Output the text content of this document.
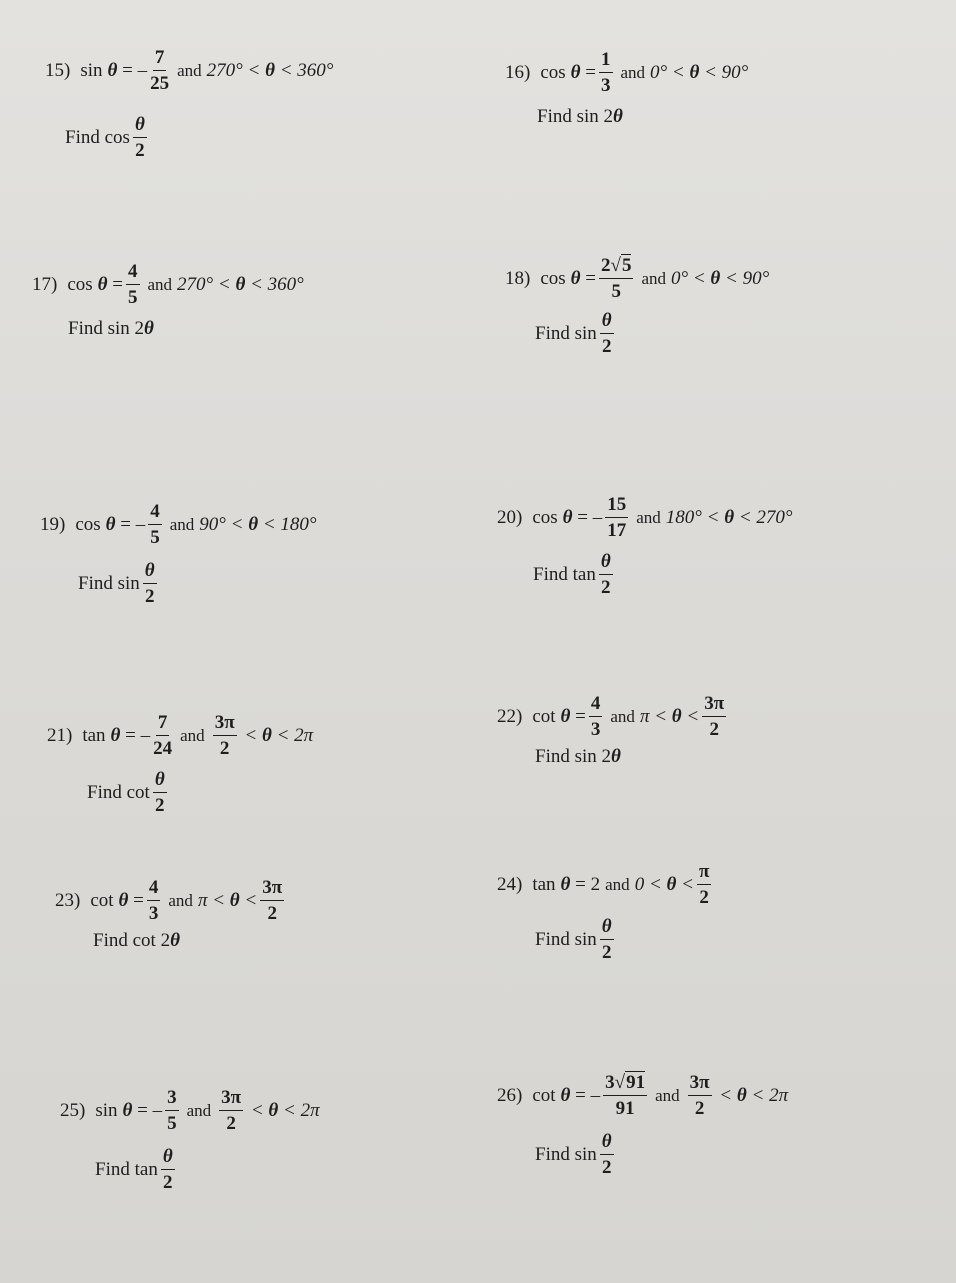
15) sin θ = – $\frac{7}{25}$ and 270° < θ < 360°
Find $\cos \frac{\theta}{2}$
16) $\cos \theta = \frac{1}{3}$ and 0° < θ < 90°
Find sin 2 θ
17) $\cos \theta = \frac{4}{5}$ and 270° < θ < 360°
Find sin 2 θ
18) $\cos \theta = \frac{2√5}{5}$ and 0° < θ < 90°
Find $\sin \frac{\theta}{2}$
19) cos θ = – $\frac{4}{5}$ and 90° < θ < 180°
Find $\sin \frac{\theta}{2}$
20) cos θ = – $\frac{15}{17}$ and 180° < θ < 270°
Find $\tan \frac{\theta}{2}$
21) tan θ = – $\frac{7}{24}$ and $\frac{3\pi}{2} < \theta < 2\pi$
Find $\cot \frac{\theta}{2}$
22) $\cot \theta = \frac{4}{3}$ and $\pi < \theta < \frac{3\pi}{2}$
Find sin 2 θ
23) $\cot \theta = \frac{4}{3}$ and $\pi < \theta < \frac{3\pi}{2}$
Find cot 2 θ
24) tan θ = 2 and $0 < \theta < \frac{\pi}{2}$
Find $\sin \frac{\theta}{2}$
25) sin θ = – $\frac{3}{5}$ and $\frac{3\pi}{2} < \theta < 2\pi$
Find $\tan \frac{\theta}{2}$
26) cot θ = – $\frac{3√91}{91}$ and $\frac{3\pi}{2} < \theta < 2\pi$
Find $\sin \frac{\theta}{2}$
